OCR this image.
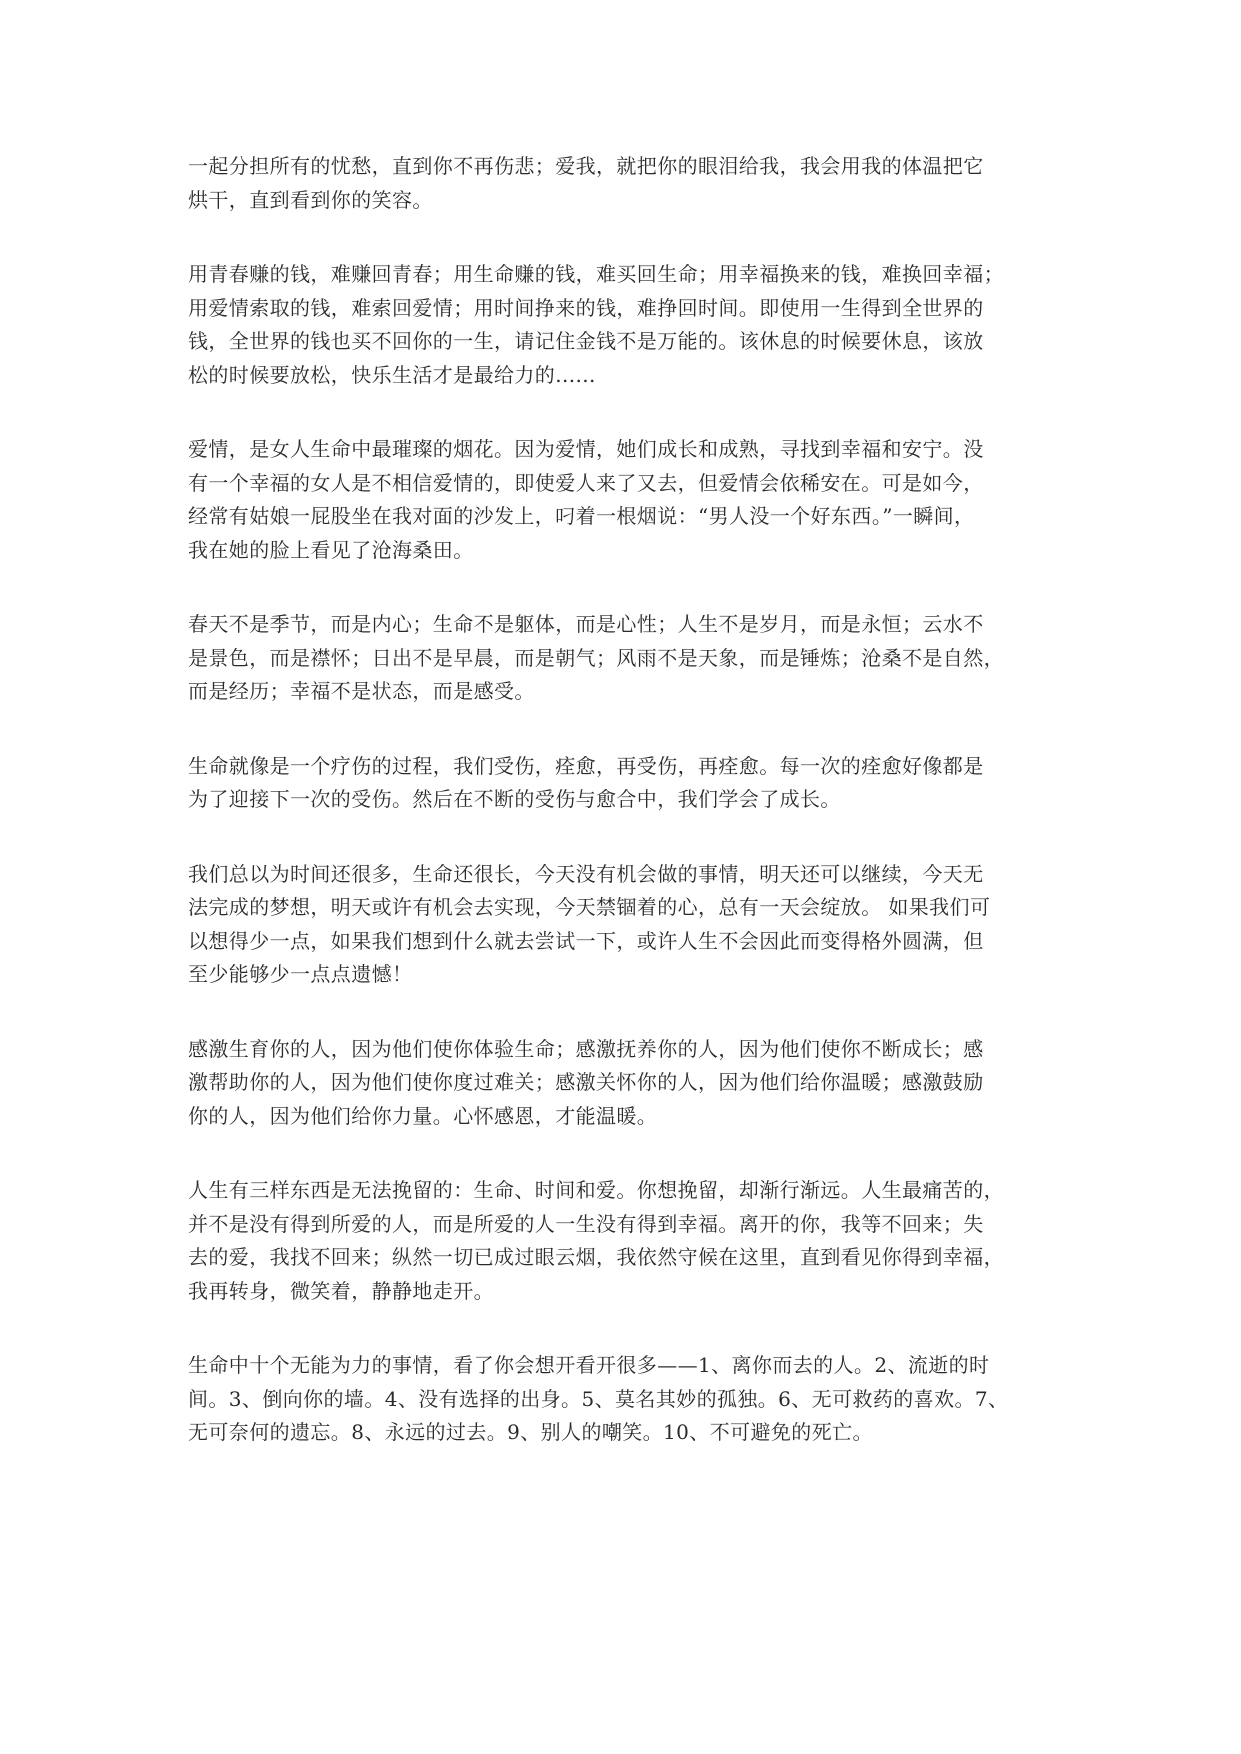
一起分担所有的忧愁，直到你不再伤悲；爱我，就把你的眼泪给我，我会用我的体温把它
烘干，直到看到你的笑容。

用青春赚的钱，难赚回青春；用生命赚的钱，难买回生命；用幸福换来的钱，难换回幸福；
用爱情索取的钱，难索回爱情；用时间挣来的钱，难挣回时间。即使用一生得到全世界的
钱，全世界的钱也买不回你的一生，请记住金钱不是万能的。该休息的时候要休息，该放
松的时候要放松，快乐生活才是最给力的......

爱情，是女人生命中最璀璨的烟花。因为爱情，她们成长和成熟，寻找到幸福和安宁。没
有一个幸福的女人是不相信爱情的，即使爱人来了又去，但爱情会依稀安在。可是如今，
经常有姑娘一屁股坐在我对面的沙发上，叼着一根烟说：“男人没一个好东西。”一瞬间，
我在她的脸上看见了沧海桑田。

春天不是季节，而是内心；生命不是躯体，而是心性；人生不是岁月，而是永恒；云水不
是景色，而是襟怀；日出不是早晨，而是朝气；风雨不是天象，而是锤炼；沧桑不是自然，
而是经历；幸福不是状态，而是感受。

生命就像是一个疗伤的过程，我们受伤，痊愈，再受伤，再痊愈。每一次的痊愈好像都是
为了迎接下一次的受伤。然后在不断的受伤与愈合中，我们学会了成长。

我们总以为时间还很多，生命还很长，今天没有机会做的事情，明天还可以继续，今天无
法完成的梦想，明天或许有机会去实现，今天禁锢着的心，总有一天会绽放。 如果我们可
以想得少一点，如果我们想到什么就去尝试一下，或许人生不会因此而变得格外圆满，但
至少能够少一点点遗憾！

感激生育你的人，因为他们使你体验生命；感激抚养你的人，因为他们使你不断成长；感
激帮助你的人，因为他们使你度过难关；感激关怀你的人，因为他们给你温暖；感激鼓励
你的人，因为他们给你力量。心怀感恩，才能温暖。

人生有三样东西是无法挽留的：生命、时间和爱。你想挽留，却渐行渐远。人生最痛苦的，
并不是没有得到所爱的人，而是所爱的人一生没有得到幸福。离开的你，我等不回来；失
去的爱，我找不回来；纵然一切已成过眼云烟，我依然守候在这里，直到看见你得到幸福，
我再转身，微笑着，静静地走开。

生命中十个无能为力的事情，看了你会想开看开很多——1、离你而去的人。2、流逝的时
间。3、倒向你的墙。4、没有选择的出身。5、莫名其妙的孤独。6、无可救药的喜欢。7、
无可奈何的遗忘。8、永远的过去。9、别人的嘲笑。10、不可避免的死亡。
